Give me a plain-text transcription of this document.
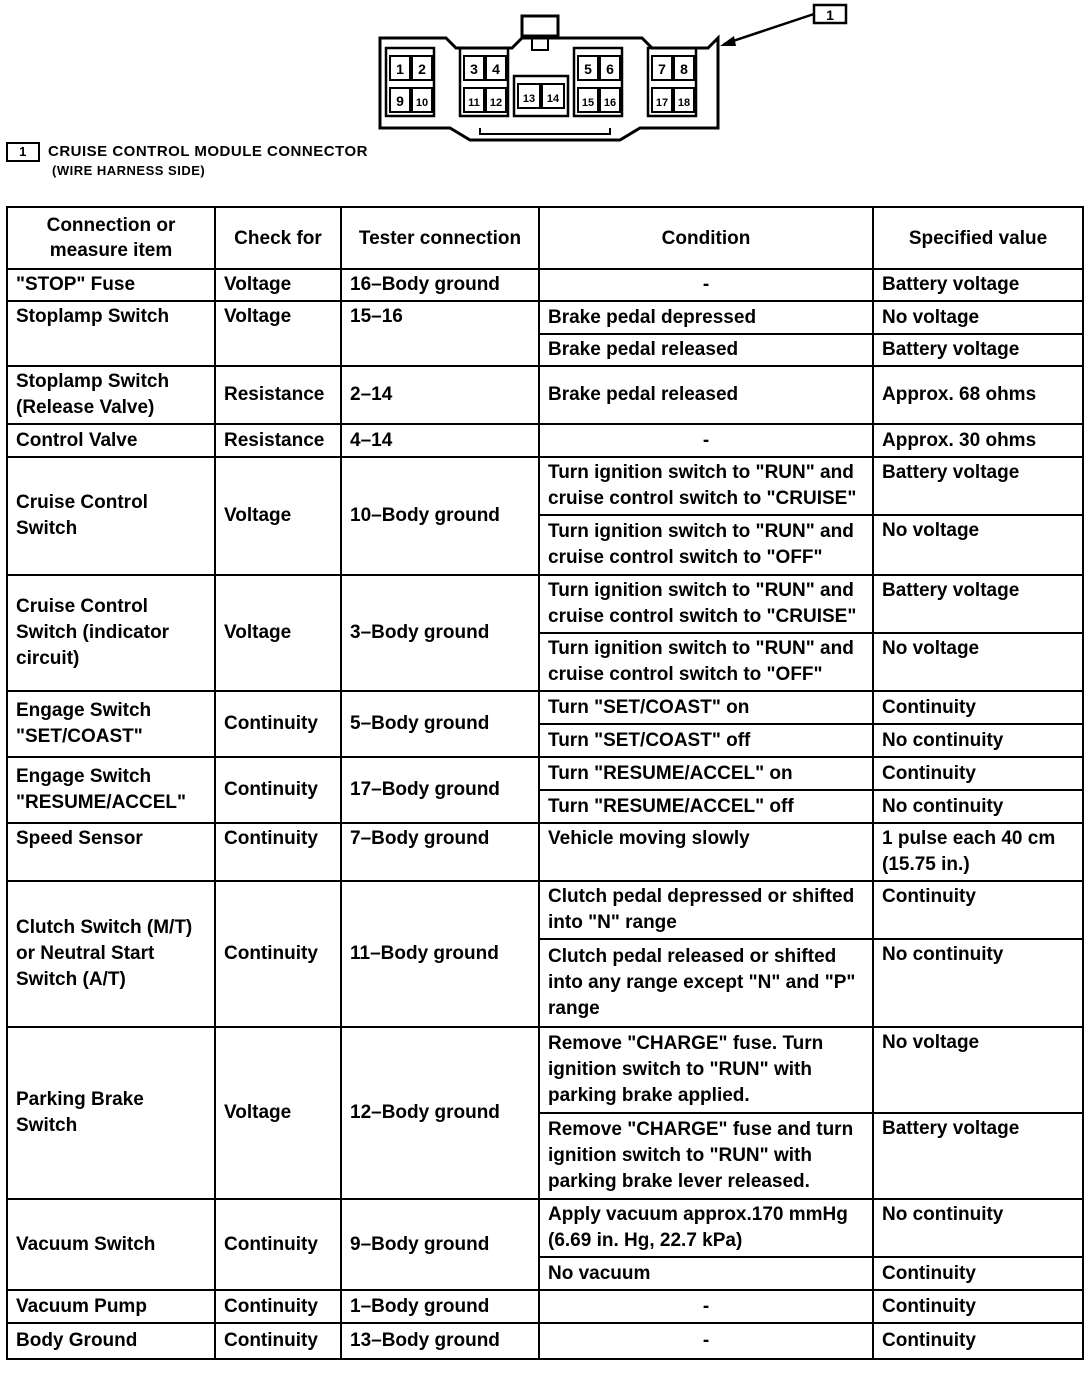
1 2	3 4	5 6	7 8
9 10	11 12 13 14 15 16	17 18
1
1 CRUISE CONTROL MODULE CONNECTOR
(WIRE HARNESS SIDE)
Connection or measure item	Check for	Tester connection	Condition	Specified value
"STOP" Fuse	Voltage	16–Body ground	-	Battery voltage
Stoplamp Switch	Voltage	15–16	Brake pedal depressed	No voltage
			Brake pedal released	Battery voltage
Stoplamp Switch (Release Valve)	Resistance	2–14	Brake pedal released	Approx. 68 ohms
Control Valve	Resistance	4–14	-	Approx. 30 ohms
Cruise Control Switch	Voltage	10–Body ground	Turn ignition switch to "RUN" and cruise control switch to "CRUISE"	Battery voltage
			Turn ignition switch to "RUN" and cruise control switch to "OFF"	No voltage
Cruise Control Switch (indicator circuit)	Voltage	3–Body ground	Turn ignition switch to "RUN" and cruise control switch to "CRUISE"	Battery voltage
			Turn ignition switch to "RUN" and cruise control switch to "OFF"	No voltage
Engage Switch "SET/COAST"	Continuity	5–Body ground	Turn "SET/COAST" on	Continuity
			Turn "SET/COAST" off	No continuity
Engage Switch "RESUME/ACCEL"	Continuity	17–Body ground	Turn "RESUME/ACCEL" on	Continuity
			Turn "RESUME/ACCEL" off	No continuity
Speed Sensor	Continuity	7–Body ground	Vehicle moving slowly	1 pulse each 40 cm (15.75 in.)
Clutch Switch (M/T) or Neutral Start Switch (A/T)	Continuity	11–Body ground	Clutch pedal depressed or shifted into "N" range	Continuity
			Clutch pedal released or shifted into any range except "N" and "P" range	No continuity
Parking Brake Switch	Voltage	12–Body ground	Remove "CHARGE" fuse. Turn ignition switch to "RUN" with parking brake applied.	No voltage
			Remove "CHARGE" fuse and turn ignition switch to "RUN" with parking brake lever released.	Battery voltage
Vacuum Switch	Continuity	9–Body ground	Apply vacuum approx.170 mmHg (6.69 in. Hg, 22.7 kPa)	No continuity
			No vacuum	Continuity
Vacuum Pump	Continuity	1–Body ground	-	Continuity
Body Ground	Continuity	13–Body ground	-	Continuity
